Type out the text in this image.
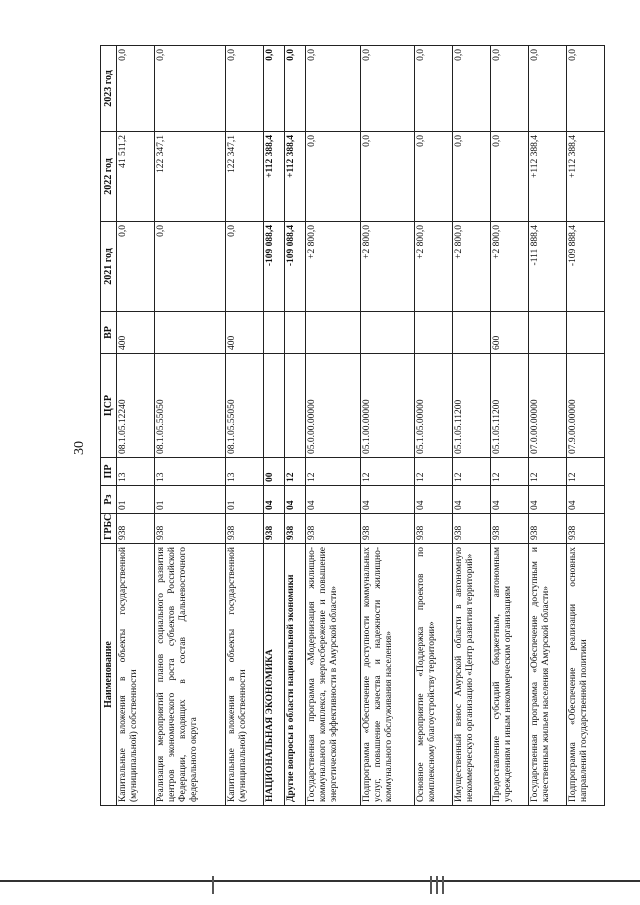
30
Наименование	ГРБС	Рз	ПР	ЦСР	ВР	2021 год	2022 год	2023 год
Капитальные вложения в объекты государственной (муниципальной) собственности	938	01	13	08.1.05.12240	400	0,0	41 511,2	0,0
Реализация мероприятий планов социального развития центров экономического роста субъектов Российской Федерации, входящих в состав Дальневосточного федерального округа	938	01	13	08.1.05.55050		0,0	122 347,1	0,0
Капитальные вложения в объекты государственной (муниципальной) собственности	938	01	13	08.1.05.55050	400	0,0	122 347,1	0,0
НАЦИОНАЛЬНАЯ ЭКОНОМИКА	938	04	00			-109 088,4	+112 388,4	0,0
Другие вопросы в области национальной экономики	938	04	12			-109 088,4	+112 388,4	0,0
Государственная программа «Модернизация жилищно-коммунального комплекса, энергосбережение и повышение энергетической эффективности в Амурской области»	938	04	12	05.0.00.00000		+2 800,0	0,0	0,0
Подпрограмма «Обеспечение доступности коммунальных услуг, повышение качества и надежности жилищно-коммунального обслуживания населения»	938	04	12	05.1.00.00000		+2 800,0	0,0	0,0
Основное мероприятие «Поддержка проектов по комплексному благоустройству территории»	938	04	12	05.1.05.00000		+2 800,0	0,0	0,0
Имущественный взнос Амурской области в автономную некоммерческую организацию «Центр развития территорий»	938	04	12	05.1.05.11200		+2 800,0	0,0	0,0
Предоставление субсидий бюджетным, автономным учреждениям и иным некоммерческим организациям	938	04	12	05.1.05.11200	600	+2 800,0	0,0	0,0
Государственная программа «Обеспечение доступным и качественным жильем населения Амурской области»	938	04	12	07.0.00.00000		-111 888,4	+112 388,4	0,0
Подпрограмма «Обеспечение реализации основных направлений государственной политики	938	04	12	07.9.00.00000		-109 888,4	+112 388,4	0,0
